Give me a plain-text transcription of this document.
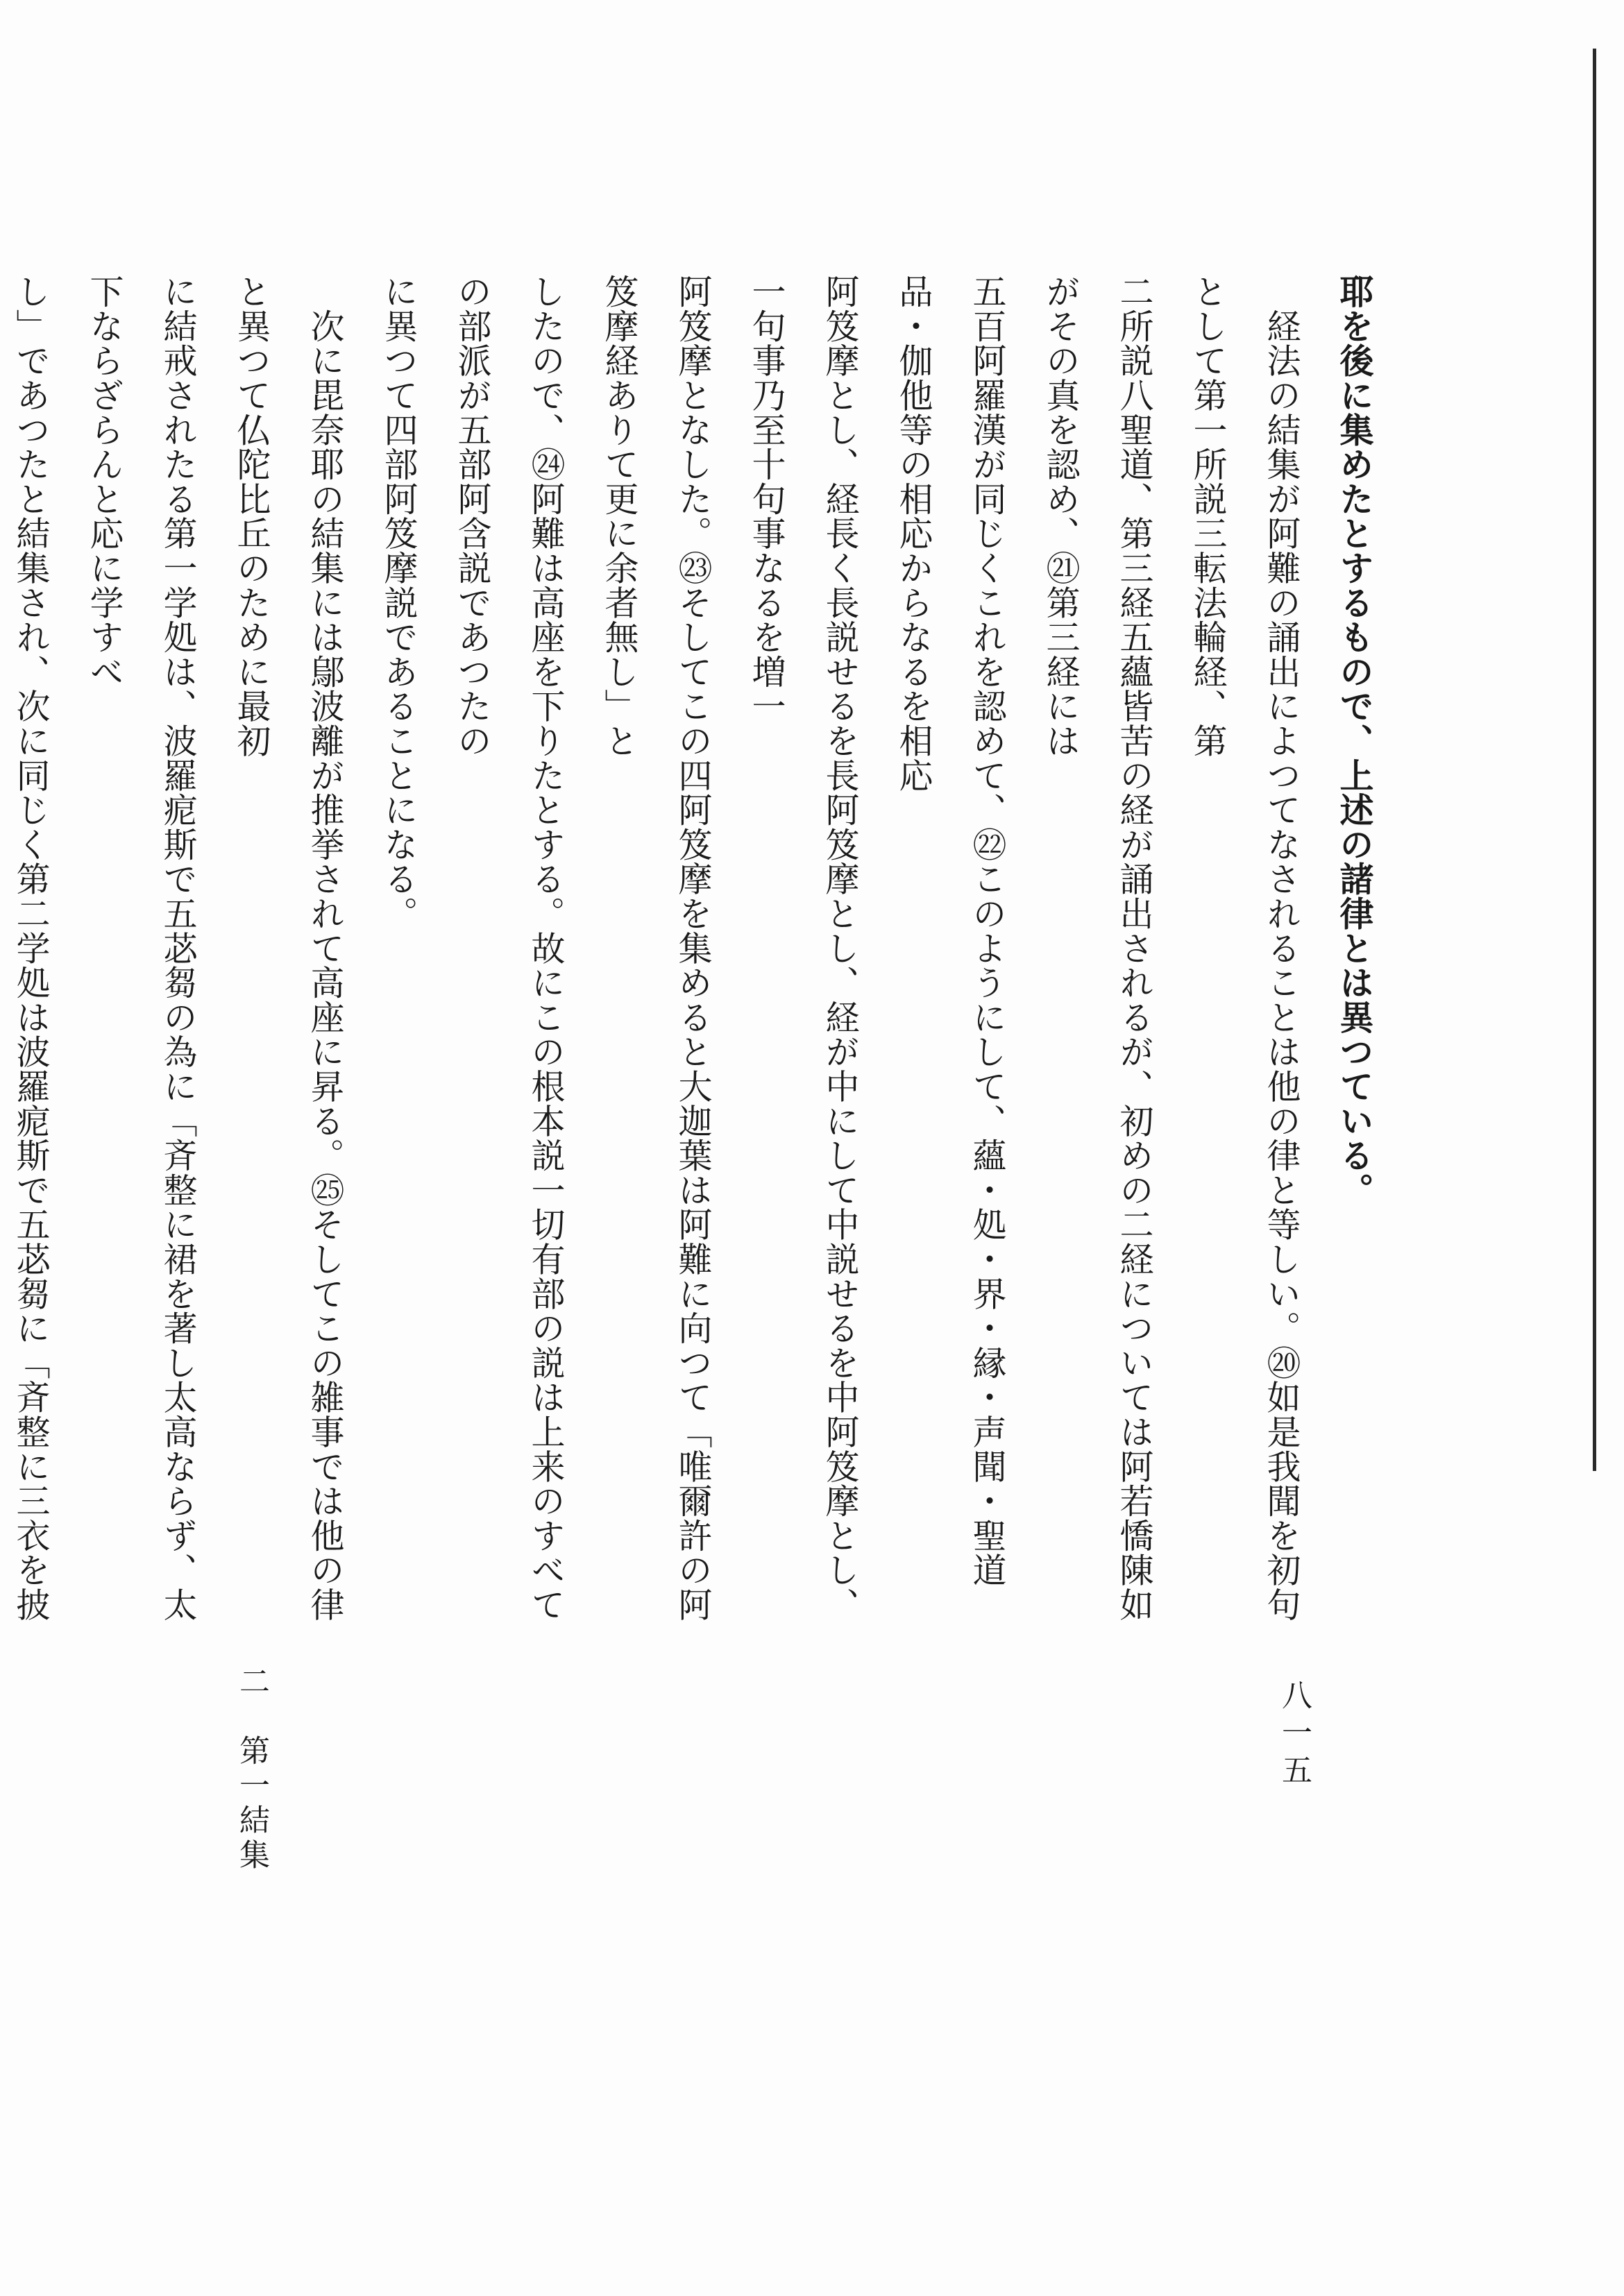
耶を後に集めたとするもので、上述の諸律とは異つている。

　経法の結集が阿難の誦出によつてなされることは他の律と等しい。⑳如是我聞を初句として第一所説三転法輪経、第

二所説八聖道、第三経五蘊皆苦の経が誦出されるが、初めの二経については阿若憍陳如がその真を認め、㉑第三経には

五百阿羅漢が同じくこれを認めて、㉒このようにして、蘊・処・界・縁・声聞・聖道品・伽他等の相応からなるを相応

阿笈摩とし、経長く長説せるを長阿笈摩とし、経が中にして中説せるを中阿笈摩とし、一句事乃至十句事なるを増一

阿笈摩となした。㉓そしてこの四阿笈摩を集めると大迦葉は阿難に向つて「唯爾許の阿笈摩経ありて更に余者無し」と

したので、㉔阿難は高座を下りたとする。故にこの根本説一切有部の説は上来のすべての部派が五部阿含説であつたの

に異つて四部阿笈摩説であることになる。

　次に毘奈耶の結集には鄔波離が推挙されて高座に昇る。㉕そしてこの雑事では他の律と異つて仏陀比丘のために最初

に結戒されたる第一学処は、波羅痆斯で五苾芻の為に「斉整に裙を著し太高ならず、太下ならざらんと応に学すべ

し」であつたと結集され、次に同じく第二学処は波羅痆斯で五苾芻に「斉整に三衣を披

八一五
二　第一結集
